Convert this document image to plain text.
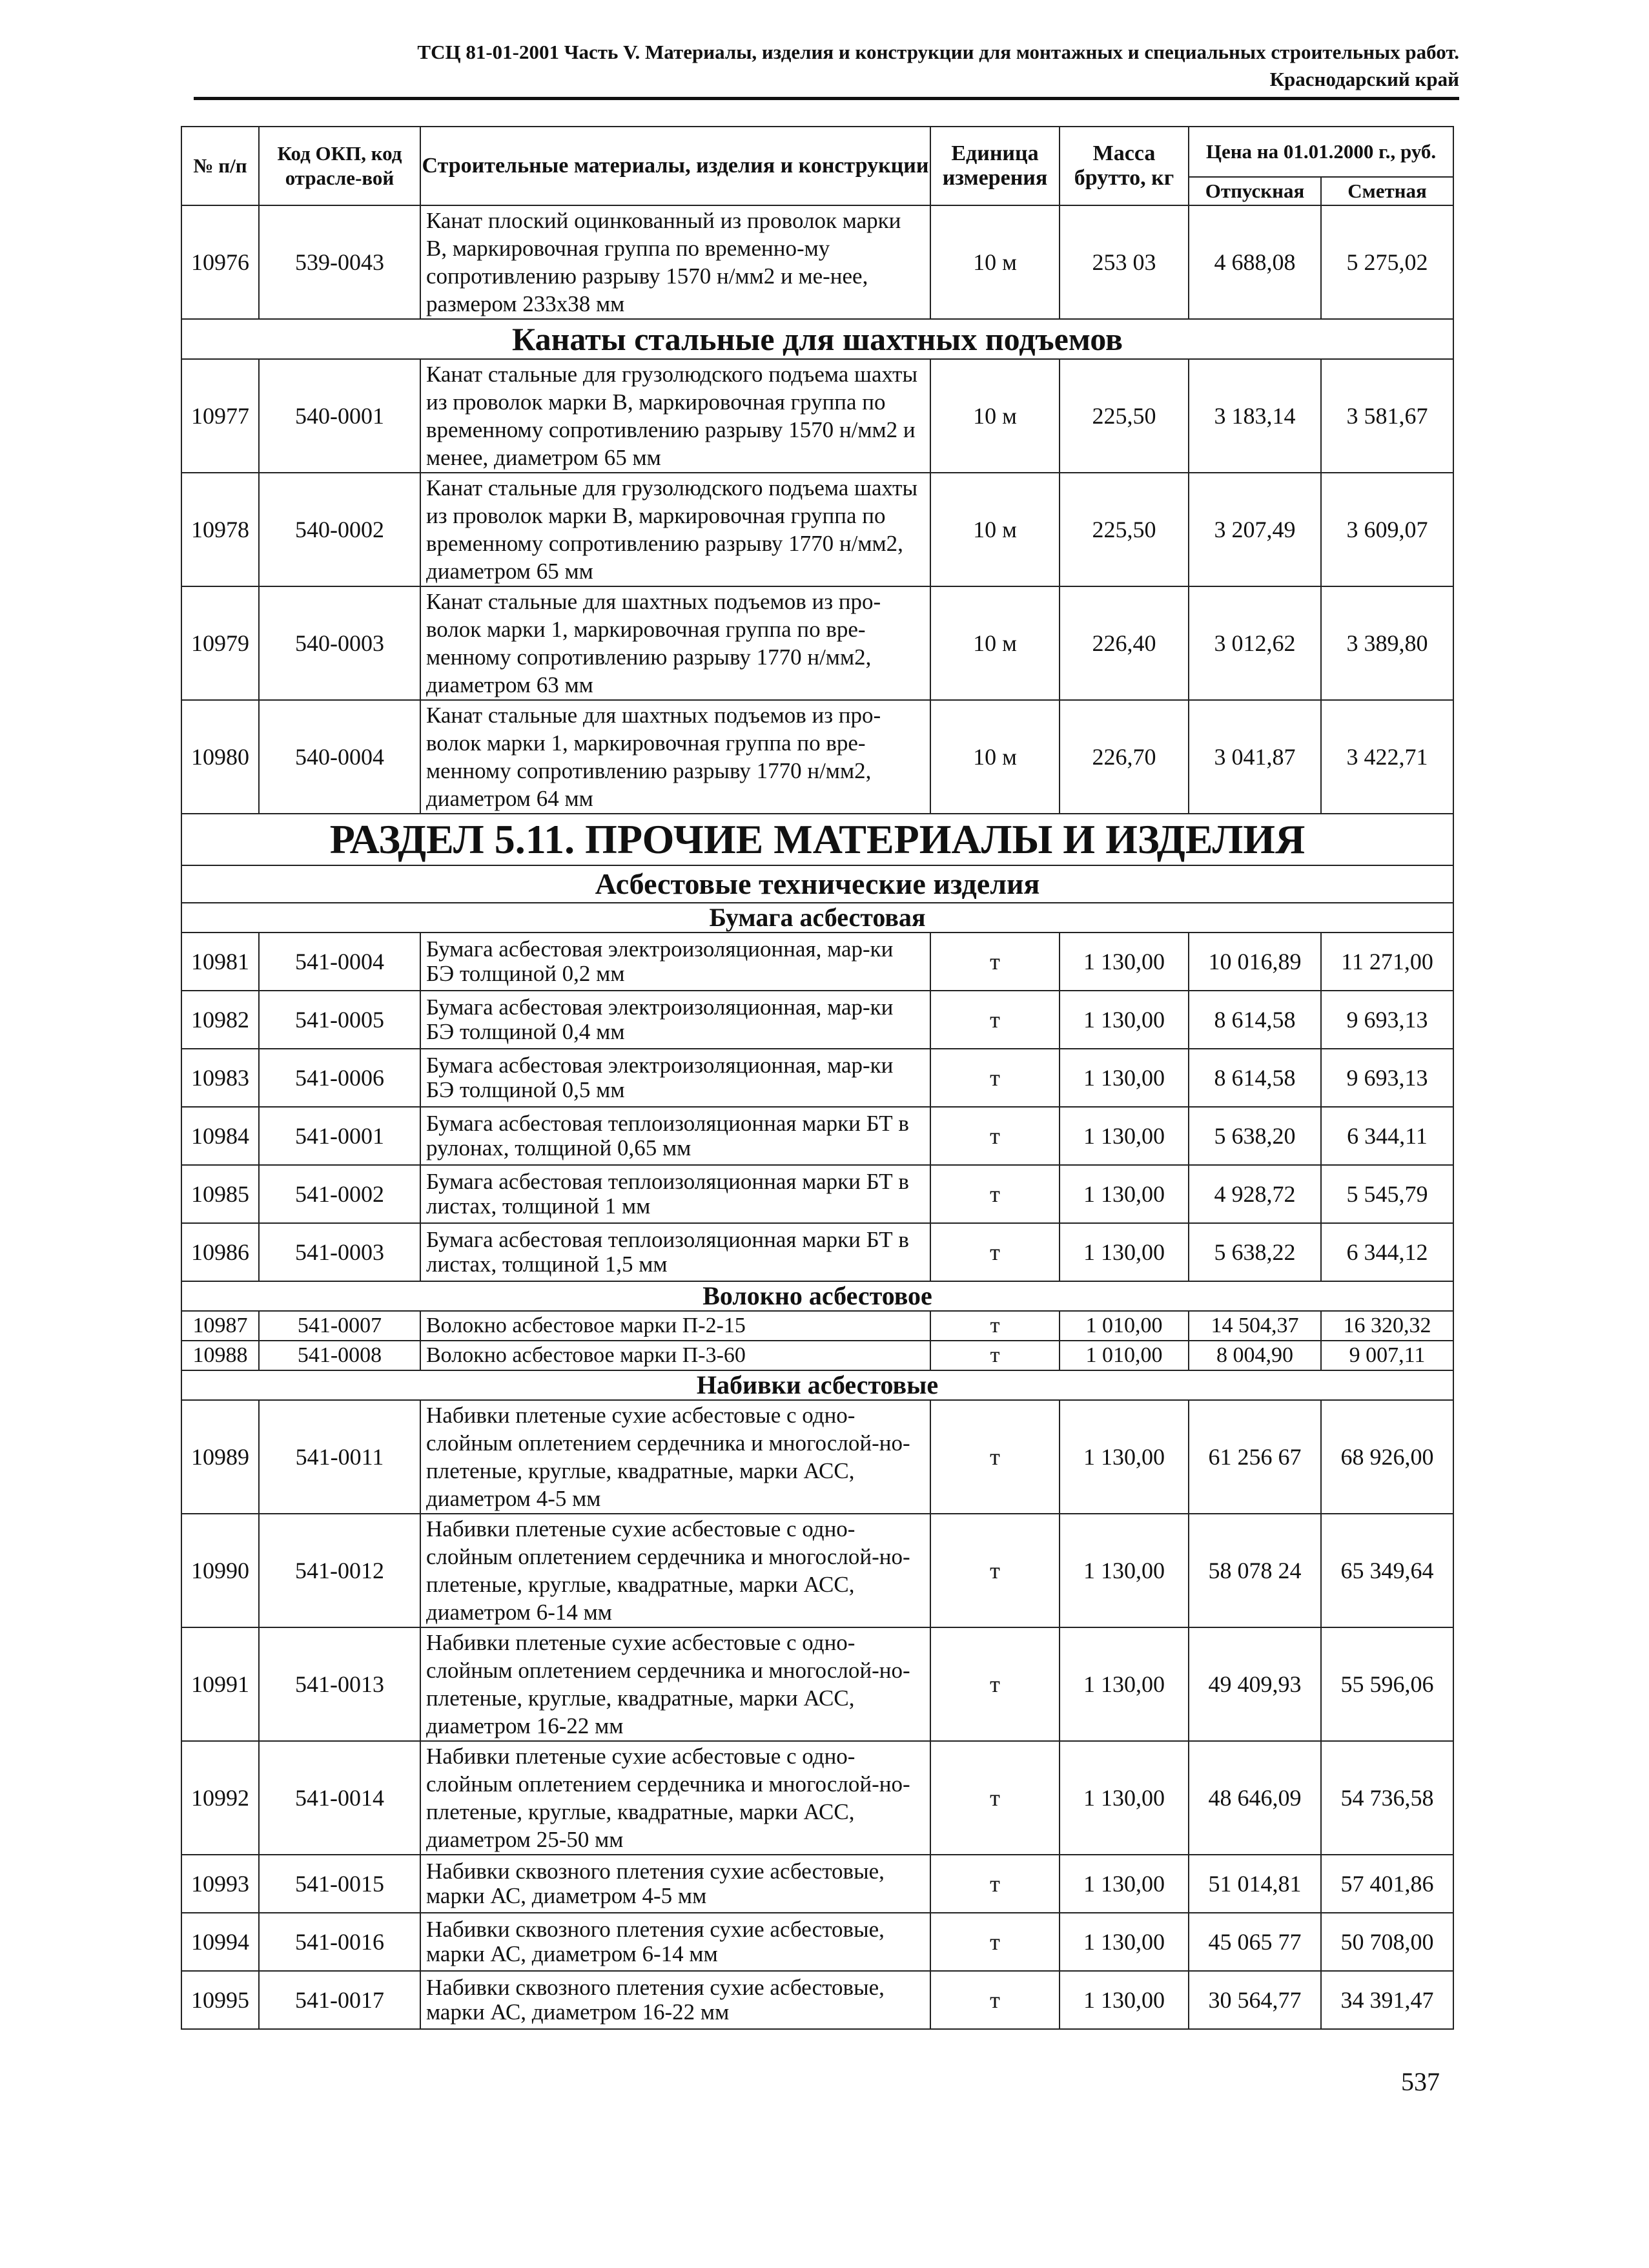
ТСЦ 81-01-2001 Часть V. Материалы, изделия и конструкции для монтажных и специальных строительных работ.
Краснодарский край
№ п/п	Код ОКП, код отрасле-вой	Строительные материалы, изделия и конструкции	Единица измерения	Масса брутто, кг	Цена на 01.01.2000 г., руб.	
					Отпускная	Сметная
10976	539-0043	Канат плоский оцинкованный из проволок марки В, маркировочная группа по временно-му сопротивлению разрыву 1570 н/мм2 и ме-нее, размером 233х38 мм	10 м	253 03	4 688,08	5 275,02
Канаты стальные для шахтных подъемов						
10977	540-0001	Канат стальные для грузолюдского подъема шахты из проволок марки В, маркировочная группа по временному сопротивлению разрыву 1570 н/мм2 и менее, диаметром 65 мм	10 м	225,50	3 183,14	3 581,67
10978	540-0002	Канат стальные для грузолюдского подъема шахты из проволок марки В, маркировочная группа по временному сопротивлению разрыву 1770 н/мм2, диаметром 65 мм	10 м	225,50	3 207,49	3 609,07
10979	540-0003	Канат стальные для шахтных подъемов из про-волок марки 1, маркировочная группа по вре-менному сопротивлению разрыву 1770 н/мм2, диаметром 63 мм	10 м	226,40	3 012,62	3 389,80
10980	540-0004	Канат стальные для шахтных подъемов из про-волок марки 1, маркировочная группа по вре-менному сопротивлению разрыву 1770 н/мм2, диаметром 64 мм	10 м	226,70	3 041,87	3 422,71
РАЗДЕЛ 5.11. ПРОЧИЕ МАТЕРИАЛЫ И ИЗДЕЛИЯ						
Асбестовые технические изделия						
Бумага асбестовая						
10981	541-0004	Бумага асбестовая электроизоляционная, мар-ки БЭ толщиной 0,2 мм	т	1 130,00	10 016,89	11 271,00
10982	541-0005	Бумага асбестовая электроизоляционная, мар-ки БЭ толщиной 0,4 мм	т	1 130,00	8 614,58	9 693,13
10983	541-0006	Бумага асбестовая электроизоляционная, мар-ки БЭ толщиной 0,5 мм	т	1 130,00	8 614,58	9 693,13
10984	541-0001	Бумага асбестовая теплоизоляционная марки БТ в рулонах, толщиной 0,65 мм	т	1 130,00	5 638,20	6 344,11
10985	541-0002	Бумага асбестовая теплоизоляционная марки БТ в листах, толщиной 1 мм	т	1 130,00	4 928,72	5 545,79
10986	541-0003	Бумага асбестовая теплоизоляционная марки БТ в листах, толщиной 1,5 мм	т	1 130,00	5 638,22	6 344,12
Волокно асбестовое						
10987	541-0007	Волокно асбестовое марки П-2-15	т	1 010,00	14 504,37	16 320,32
10988	541-0008	Волокно асбестовое марки П-3-60	т	1 010,00	8 004,90	9 007,11
Набивки асбестовые						
10989	541-0011	Набивки плетеные сухие асбестовые с одно-слойным оплетением сердечника и многослой-но-плетеные, круглые, квадратные, марки АСС, диаметром 4-5 мм	т	1 130,00	61 256 67	68 926,00
10990	541-0012	Набивки плетеные сухие асбестовые с одно-слойным оплетением сердечника и многослой-но-плетеные, круглые, квадратные, марки АСС, диаметром 6-14 мм	т	1 130,00	58 078 24	65 349,64
10991	541-0013	Набивки плетеные сухие асбестовые с одно-слойным оплетением сердечника и многослой-но-плетеные, круглые, квадратные, марки АСС, диаметром 16-22 мм	т	1 130,00	49 409,93	55 596,06
10992	541-0014	Набивки плетеные сухие асбестовые с одно-слойным оплетением сердечника и многослой-но-плетеные, круглые, квадратные, марки АСС, диаметром 25-50 мм	т	1 130,00	48 646,09	54 736,58
10993	541-0015	Набивки сквозного плетения сухие асбестовые, марки АС, диаметром 4-5 мм	т	1 130,00	51 014,81	57 401,86
10994	541-0016	Набивки сквозного плетения сухие асбестовые, марки АС, диаметром 6-14 мм	т	1 130,00	45 065 77	50 708,00
10995	541-0017	Набивки сквозного плетения сухие асбестовые, марки АС, диаметром 16-22 мм	т	1 130,00	30 564,77	34 391,47
537
